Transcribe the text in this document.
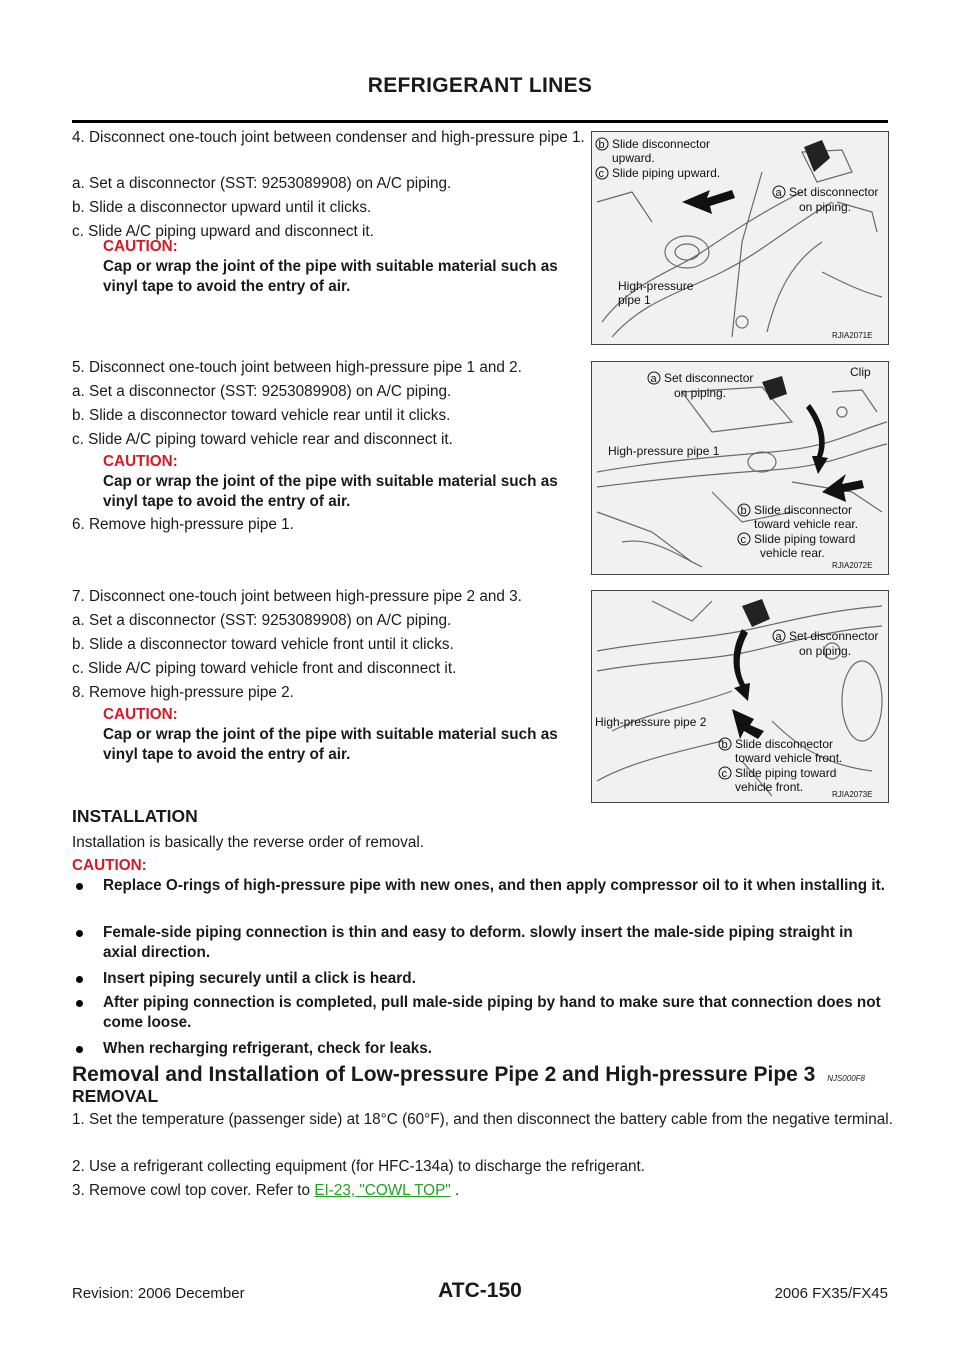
REFRIGERANT LINES
4. Disconnect one-touch joint between condenser and high-pressure pipe 1.
a. Set a disconnector (SST: 9253089908) on A/C piping.
b. Slide a disconnector upward until it clicks.
c. Slide A/C piping upward and disconnect it.
CAUTION:
Cap or wrap the joint of the pipe with suitable material such as vinyl tape to avoid the entry of air.
b Slide disconnector
upward.
c Slide piping upward.
a Set disconnector
on piping.
High-pressure
pipe 1
RJIA2071E
5. Disconnect one-touch joint between high-pressure pipe 1 and 2.
a. Set a disconnector (SST: 9253089908) on A/C piping.
b. Slide a disconnector toward vehicle rear until it clicks.
c. Slide A/C piping toward vehicle rear and disconnect it.
CAUTION:
Cap or wrap the joint of the pipe with suitable material such as vinyl tape to avoid the entry of air.
6. Remove high-pressure pipe 1.
a Set disconnector
on piping.
Clip
High-pressure pipe 1
b Slide disconnector
toward vehicle rear.
c Slide piping toward
vehicle rear.
RJIA2072E
7. Disconnect one-touch joint between high-pressure pipe 2 and 3.
a. Set a disconnector (SST: 9253089908) on A/C piping.
b. Slide a disconnector toward vehicle front until it clicks.
c. Slide A/C piping toward vehicle front and disconnect it.
8. Remove high-pressure pipe 2.
CAUTION:
Cap or wrap the joint of the pipe with suitable material such as vinyl tape to avoid the entry of air.
a Set disconnector
on piping.
High-pressure pipe 2
b Slide disconnector
toward vehicle front.
c Slide piping toward
vehicle front.
RJIA2073E
INSTALLATION
Installation is basically the reverse order of removal.
CAUTION:
Replace O-rings of high-pressure pipe with new ones, and then apply compressor oil to it when installing it.
Female-side piping connection is thin and easy to deform. slowly insert the male-side piping straight in axial direction.
Insert piping securely until a click is heard.
After piping connection is completed, pull male-side piping by hand to make sure that connection does not come loose.
When recharging refrigerant, check for leaks.
Removal and Installation of Low-pressure Pipe 2 and High-pressure Pipe 3 NJS000F8
REMOVAL
1. Set the temperature (passenger side) at 18°C (60°F), and then disconnect the battery cable from the negative terminal.
2. Use a refrigerant collecting equipment (for HFC-134a) to discharge the refrigerant.
3. Remove cowl top cover. Refer to EI-23, "COWL TOP" .
Revision: 2006 December	ATC-150	2006 FX35/FX45
